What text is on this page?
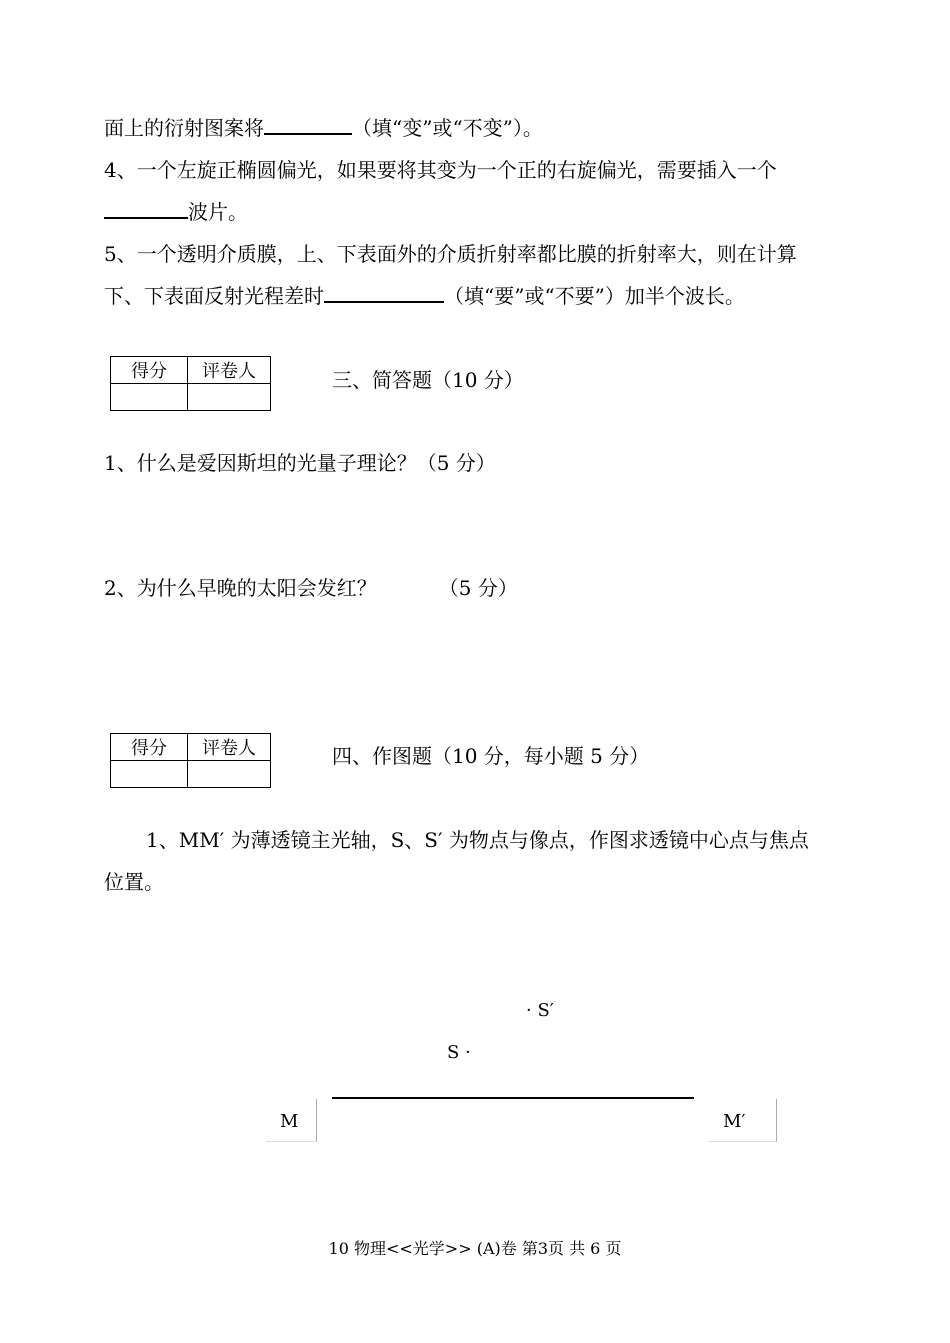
面上的衍射图案将	（填“变”或“不变”）。
4、一个左旋正椭圆偏光，如果要将其变为一个正的右旋偏光，需要插入一个
波片。
5、一个透明介质膜，上、下表面外的介质折射率都比膜的折射率大，则在计算
下、下表面反射光程差时	（填“要”或“不要”）加半个波长。
得分	评卷人
		三、简答题（10 分）
1、什么是爱因斯坦的光量子理论？（5 分）
2、为什么早晚的太阳会发红？	（5 分）
得分	评卷人
		四、作图题（10 分，每小题 5 分）
1、MM′ 为薄透镜主光轴，S、S′ 为物点与像点，作图求透镜中心点与焦点
位置。
· S′
S ·
M	M′
10 物理<<光学>> (A)卷 第3页 共 6 页
